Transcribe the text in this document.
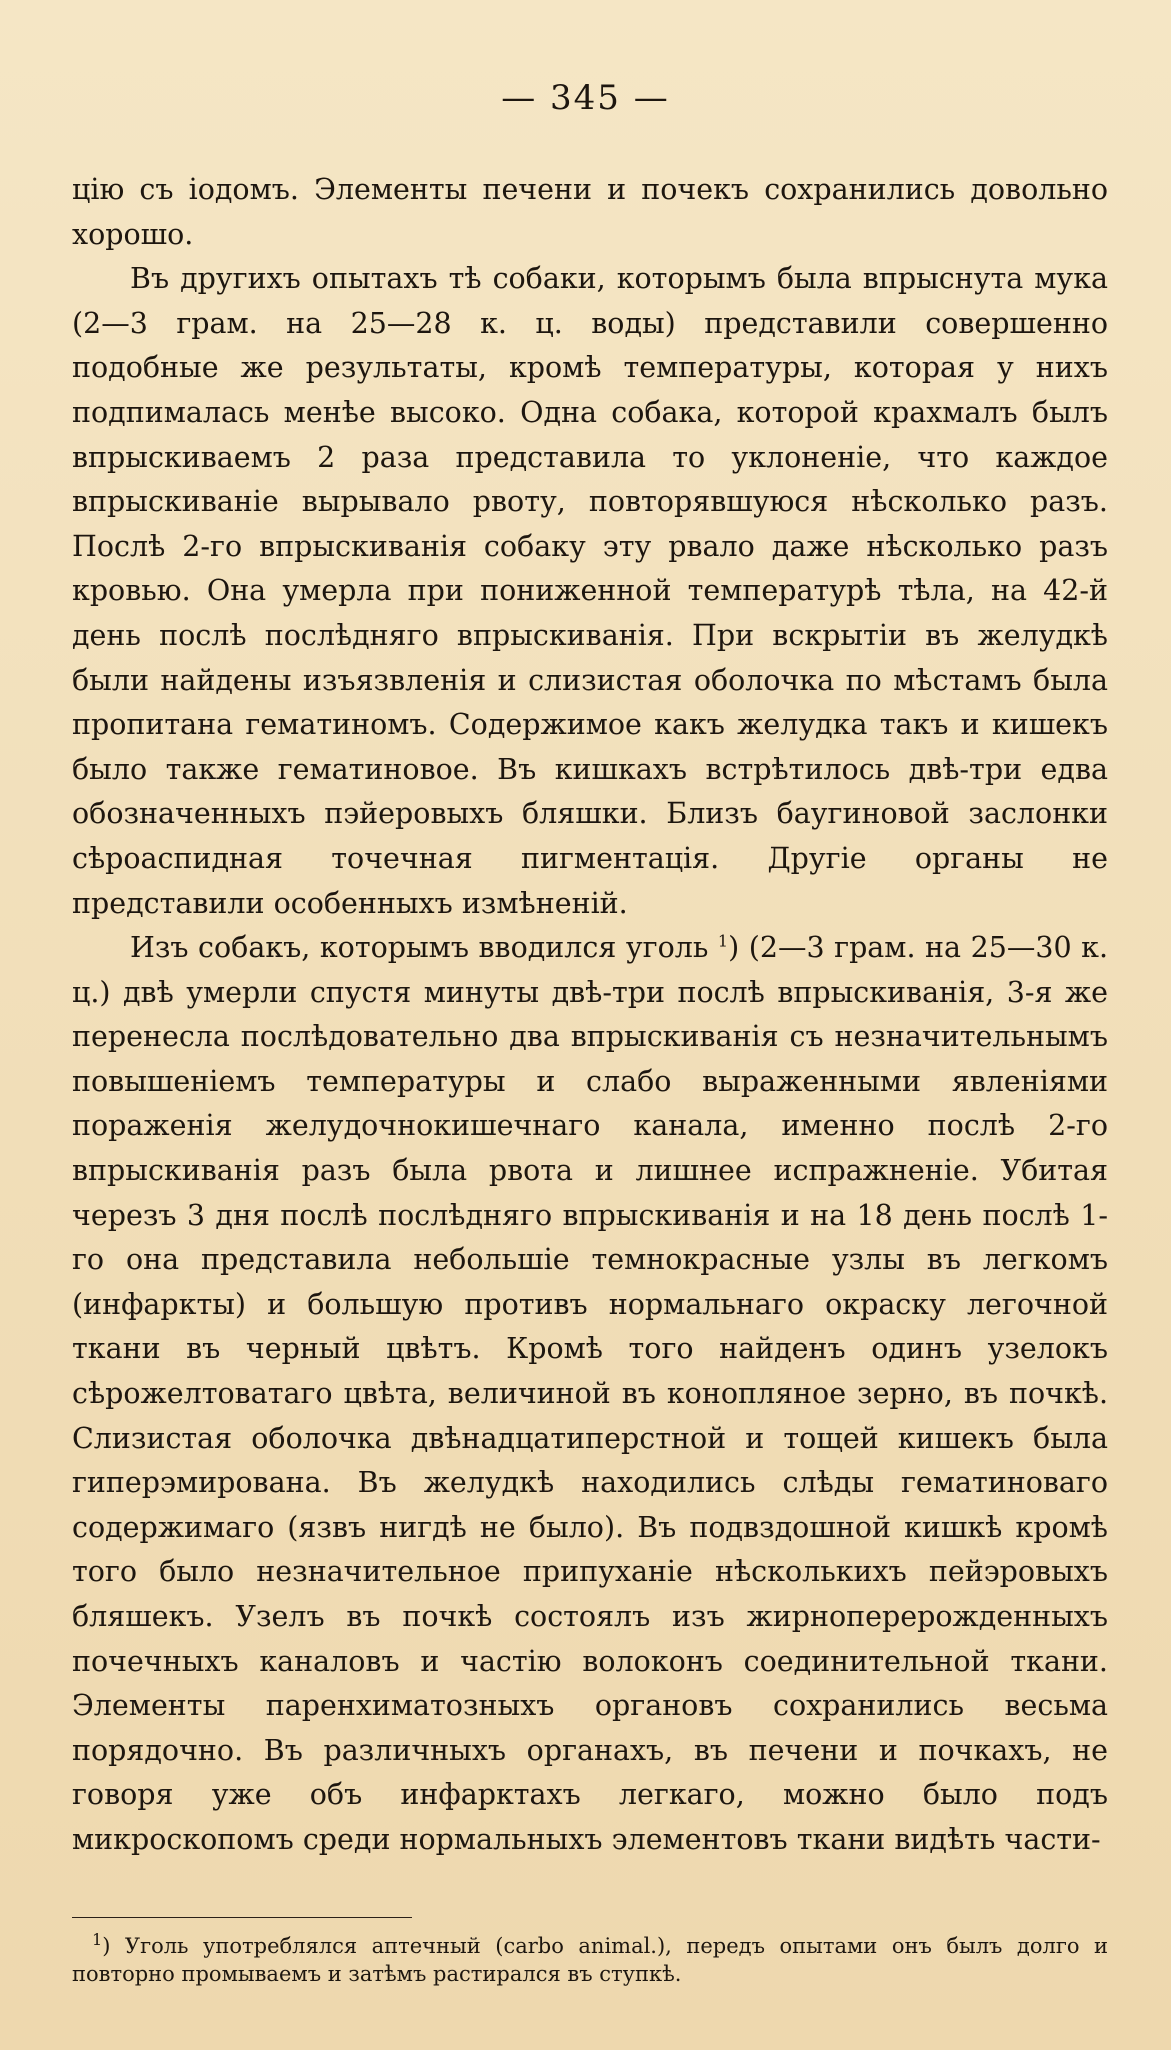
— 345 —

цію съ іодомъ. Элементы печени и почекъ сохранились довольно хорошо.

Въ другихъ опытахъ тѣ собаки, которымъ была впрыснута мука (2—3 грам. на 25—28 к. ц. воды) представили совершенно подобные же результаты, кромѣ температуры, которая у нихъ подпималась менѣе высоко. Одна собака, которой крахмалъ былъ впрыскиваемъ 2 раза представила то уклоненіе, что каждое впрыскиваніе вырывало рвоту, повторявшуюся нѣсколько разъ. Послѣ 2-го впрыскиванія собаку эту рвало даже нѣсколько разъ кровью. Она умерла при пониженной температурѣ тѣла, на 42-й день послѣ послѣдняго впрыскиванія. При вскрытіи въ желудкѣ были найдены изъязвленія и слизистая оболочка по мѣстамъ была пропитана гематиномъ. Содержимое какъ желудка такъ и кишекъ было также гематиновое. Въ кишкахъ встрѣтилось двѣ-три едва обозначенныхъ пэйеровыхъ бляшки. Близъ баугиновой заслонки сѣроаспидная точечная пигментація. Другіе органы не представили особенныхъ измѣненій.

Изъ собакъ, которымъ вводился уголь $^1$) (2—3 грам. на 25—30 к. ц.) двѣ умерли спустя минуты двѣ-три послѣ впрыскиванія, 3-я же перенесла послѣдовательно два впрыскиванія съ незначительнымъ повышеніемъ температуры и слабо выраженными явленіями пораженія желудочнокишечнаго канала, именно послѣ 2-го впрыскиванія разъ была рвота и лишнее испражненіе. Убитая черезъ 3 дня послѣ послѣдняго впрыскиванія и на 18 день послѣ 1-го она представила небольшіе темнокрасные узлы въ легкомъ (инфаркты) и большую противъ нормальнаго окраску легочной ткани въ черный цвѣтъ. Кромѣ того найденъ одинъ узелокъ сѣрожелтоватаго цвѣта, величиной въ конопляное зерно, въ почкѣ. Слизистая оболочка двѣнадцатиперстной и тощей кишекъ была гиперэмирована. Въ желудкѣ находились слѣды гематиноваго содержимаго (язвъ нигдѣ не было). Въ подвздошной кишкѣ кромѣ того было незначительное припуханіе нѣсколькихъ пейэровыхъ бляшекъ. Узелъ въ почкѣ состоялъ изъ жирноперерожденныхъ почечныхъ каналовъ и частію волоконъ соединительной ткани. Элементы паренхиматозныхъ органовъ сохранились весьма порядочно. Въ различныхъ органахъ, въ печени и почкахъ, не говоря уже объ инфарктахъ легкаго, можно было подъ микроскопомъ среди нормальныхъ элементовъ ткани видѣть части-

$^1$) Уголь употреблялся аптечный (carbo animal.), передъ опытами онъ былъ долго и повторно промываемъ и затѣмъ растирался въ ступкѣ.
